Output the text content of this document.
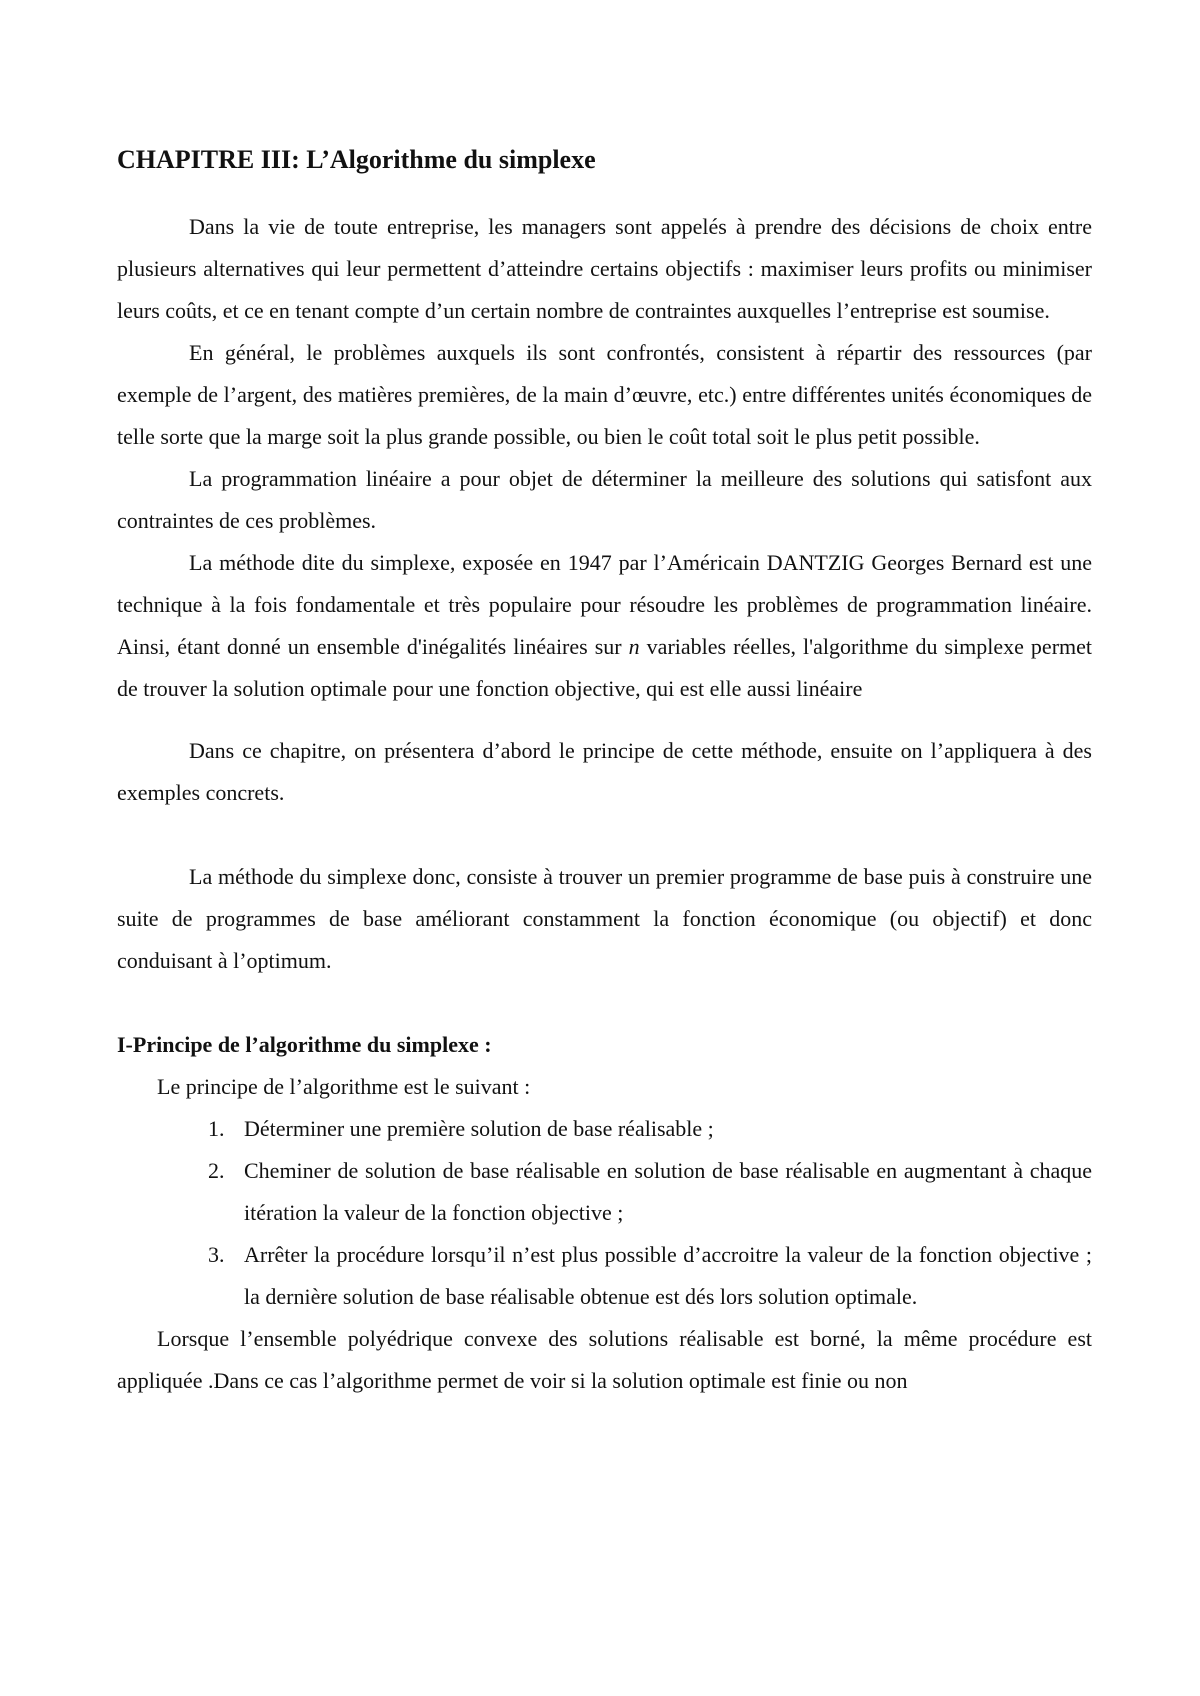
CHAPITRE III: L’Algorithme du simplexe

Dans la vie de toute entreprise, les managers sont appelés à prendre des décisions de choix entre plusieurs alternatives qui leur permettent d’atteindre certains objectifs : maximiser leurs profits ou minimiser leurs coûts, et ce en tenant compte d’un certain nombre de contraintes auxquelles l’entreprise est soumise.

En général, le problèmes auxquels ils sont confrontés, consistent à répartir des ressources (par exemple de l’argent, des matières premières, de la main d’œuvre, etc.) entre différentes unités économiques de telle sorte que la marge soit la plus grande possible, ou bien le coût total soit le plus petit possible.

La programmation linéaire a pour objet de déterminer la meilleure des solutions qui satisfont aux contraintes de ces problèmes.

La méthode dite du simplexe, exposée en 1947 par l’Américain DANTZIG Georges Bernard est une technique à la fois fondamentale et très populaire pour résoudre les problèmes de programmation linéaire. Ainsi, étant donné un ensemble d'inégalités linéaires sur n variables réelles, l'algorithme du simplexe permet de trouver la solution optimale pour une fonction objective, qui est elle aussi linéaire

Dans ce chapitre, on présentera d’abord le principe de cette méthode, ensuite on l’appliquera à des exemples concrets.

La méthode du simplexe donc, consiste à trouver un premier programme de base puis à construire une suite de programmes de base améliorant constamment la fonction économique (ou objectif) et donc conduisant à l’optimum.

I-Principe de l’algorithme du simplexe :

Le principe de l’algorithme est le suivant :

1. Déterminer une première solution de base réalisable ;
2. Cheminer de solution de base réalisable en solution de base réalisable en augmentant à chaque itération la valeur de la fonction objective ;
3. Arrêter la procédure lorsqu’il n’est plus possible d’accroitre la valeur de la fonction objective ; la dernière solution de base réalisable obtenue est dés lors solution optimale.

Lorsque l’ensemble polyédrique convexe des solutions réalisable est borné, la même procédure est appliquée .Dans ce cas l’algorithme permet de voir si la solution optimale est finie ou non
